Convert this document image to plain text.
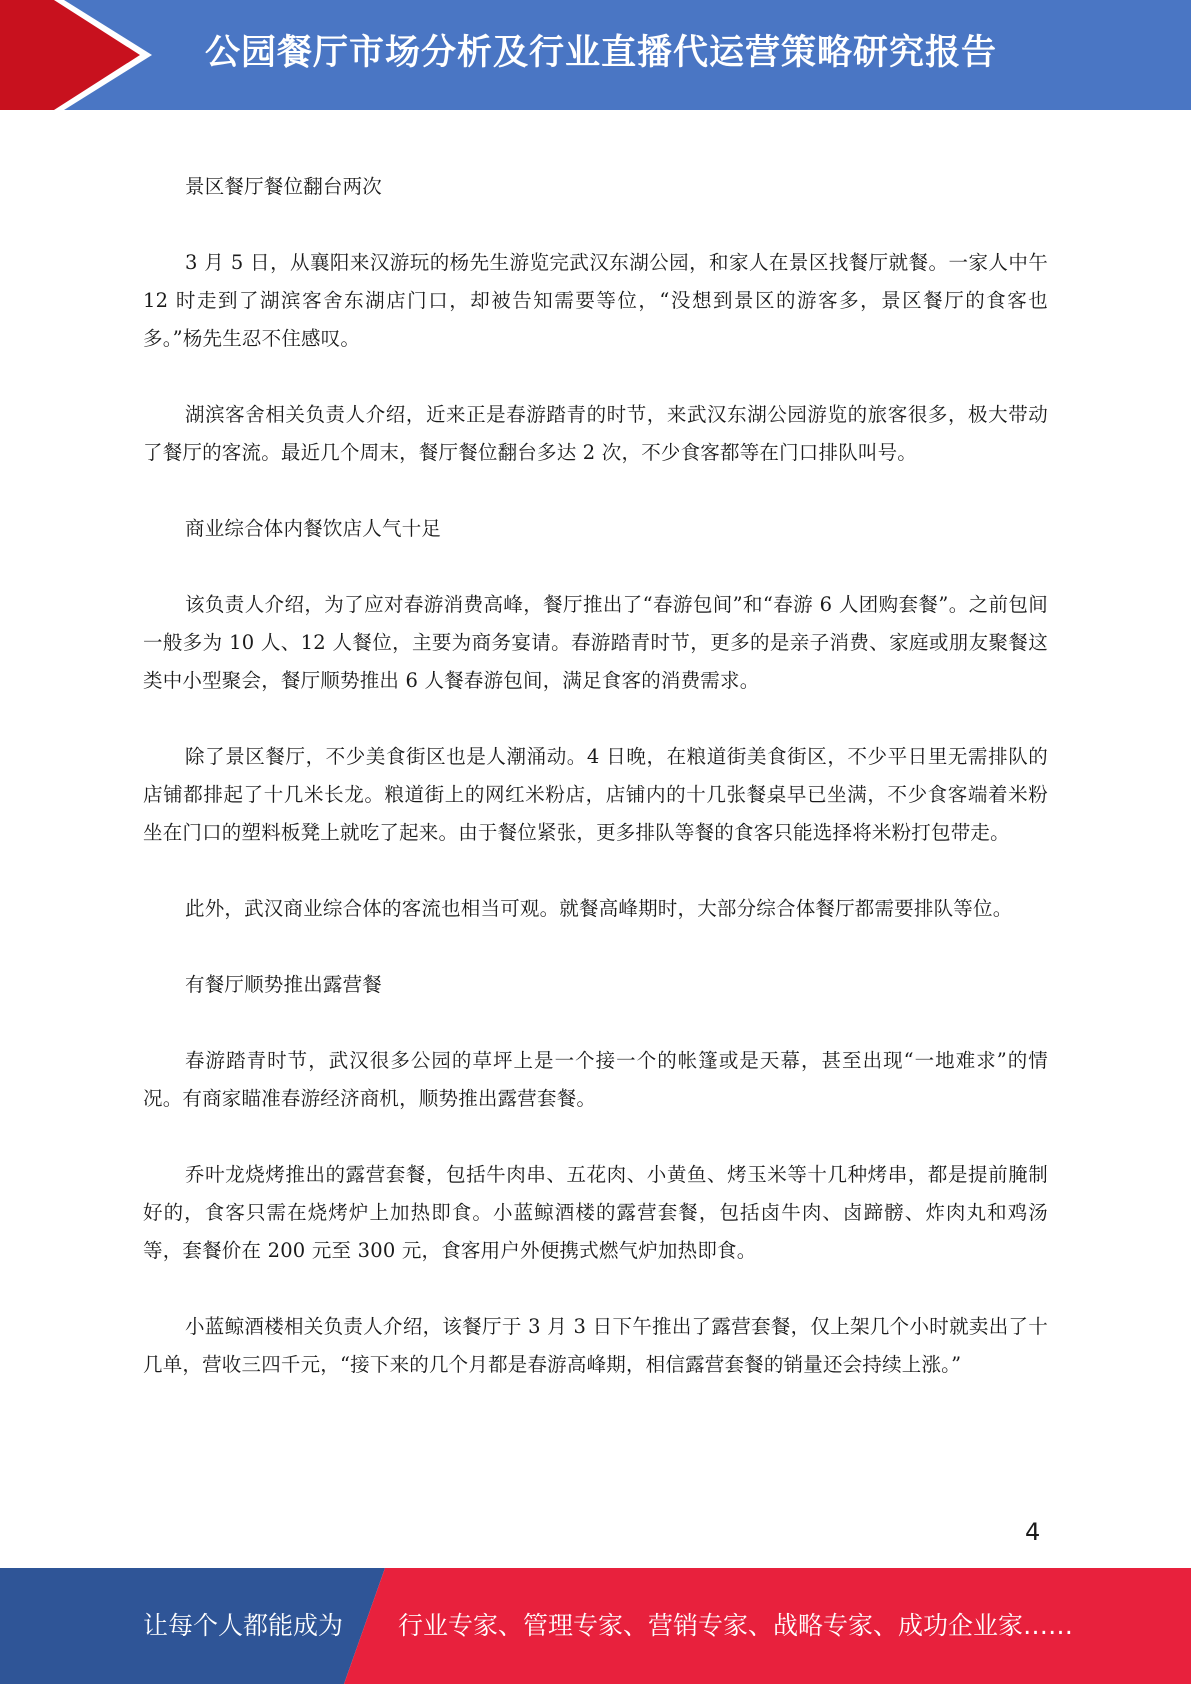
公园餐厅市场分析及行业直播代运营策略研究报告

景区餐厅餐位翻台两次

3 月 5 日，从襄阳来汉游玩的杨先生游览完武汉东湖公园，和家人在景区找餐厅就餐。一家人中午 12 时走到了湖滨客舍东湖店门口，却被告知需要等位，“没想到景区的游客多，景区餐厅的食客也多。”杨先生忍不住感叹。

湖滨客舍相关负责人介绍，近来正是春游踏青的时节，来武汉东湖公园游览的旅客很多，极大带动了餐厅的客流。最近几个周末，餐厅餐位翻台多达 2 次，不少食客都等在门口排队叫号。

商业综合体内餐饮店人气十足

该负责人介绍，为了应对春游消费高峰，餐厅推出了“春游包间”和“春游 6 人团购套餐”。之前包间一般多为 10 人、12 人餐位，主要为商务宴请。春游踏青时节，更多的是亲子消费、家庭或朋友聚餐这类中小型聚会，餐厅顺势推出 6 人餐春游包间，满足食客的消费需求。

除了景区餐厅，不少美食街区也是人潮涌动。4 日晚，在粮道街美食街区，不少平日里无需排队的店铺都排起了十几米长龙。粮道街上的网红米粉店，店铺内的十几张餐桌早已坐满，不少食客端着米粉坐在门口的塑料板凳上就吃了起来。由于餐位紧张，更多排队等餐的食客只能选择将米粉打包带走。

此外，武汉商业综合体的客流也相当可观。就餐高峰期时，大部分综合体餐厅都需要排队等位。

有餐厅顺势推出露营餐

春游踏青时节，武汉很多公园的草坪上是一个接一个的帐篷或是天幕，甚至出现“一地难求”的情况。有商家瞄准春游经济商机，顺势推出露营套餐。

乔叶龙烧烤推出的露营套餐，包括牛肉串、五花肉、小黄鱼、烤玉米等十几种烤串，都是提前腌制好的，食客只需在烧烤炉上加热即食。小蓝鲸酒楼的露营套餐，包括卤牛肉、卤蹄髈、炸肉丸和鸡汤等，套餐价在 200 元至 300 元，食客用户外便携式燃气炉加热即食。

小蓝鲸酒楼相关负责人介绍，该餐厅于 3 月 3 日下午推出了露营套餐，仅上架几个小时就卖出了十几单，营收三四千元，“接下来的几个月都是春游高峰期，相信露营套餐的销量还会持续上涨。”

4
让每个人都能成为 行业专家、管理专家、营销专家、战略专家、成功企业家……
